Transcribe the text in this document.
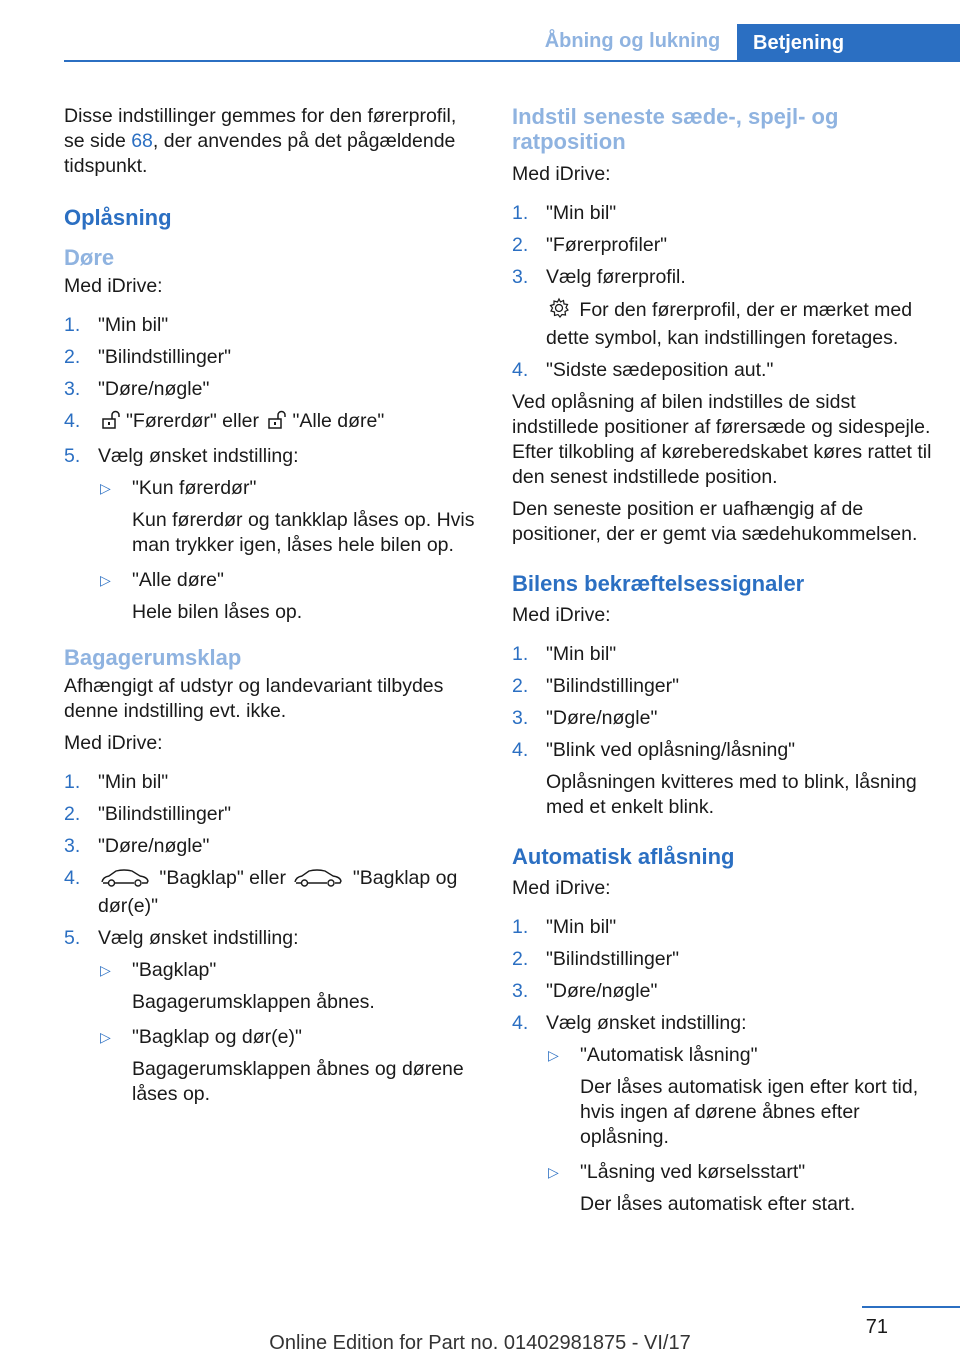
Åbning og lukning	Betjening

Disse indstillinger gemmes for den førerprofil, se side 68, der anvendes på det pågældende tidspunkt.

Oplåsning
Døre

Med iDrive:

1. "Min bil"
2. "Bilindstillinger"
3. "Døre/nøgle"
4. "Førerdør" eller "Alle døre"
5. Vælg ønsket indstilling:
▷ "Kun førerdør"
Kun førerdør og tankklap låses op. Hvis man trykker igen, låses hele bilen op.
▷ "Alle døre"
Hele bilen låses op.
Bagagerumsklap

Afhængigt af udstyr og landevariant tilbydes denne indstilling evt. ikke.

Med iDrive:

1. "Min bil"
2. "Bilindstillinger"
3. "Døre/nøgle"
4.	"Bagklap" eller	"Bagklap og dør(e)"
5. Vælg ønsket indstilling:
▷ "Bagklap"
Bagagerumsklappen åbnes.
▷ "Bagklap og dør(e)"
Bagagerumsklappen åbnes og dørene låses op.
Indstil seneste sæde-, spejl- og ratposition

Med iDrive:

1. "Min bil"
2. "Førerprofiler"
3. Vælg førerprofil.
For den førerprofil, der er mærket med dette symbol, kan indstillingen foretages.
4. "Sidste sædeposition aut."

Ved oplåsning af bilen indstilles de sidst indstillede positioner af førersæde og sidespejle. Efter tilkobling af køreberedskabet køres rattet til den senest indstillede position.

Den seneste position er uafhængig af de positioner, der er gemt via sædehukommelsen.

Bilens bekræftelsessignaler

Med iDrive:

1. "Min bil"
2. "Bilindstillinger"
3. "Døre/nøgle"
4. "Blink ved oplåsning/låsning"
Oplåsningen kvitteres med to blink, låsning med et enkelt blink.
Automatisk aflåsning

Med iDrive:

1. "Min bil"
2. "Bilindstillinger"
3. "Døre/nøgle"
4. Vælg ønsket indstilling:
▷ "Automatisk låsning"
Der låses automatisk igen efter kort tid, hvis ingen af dørene åbnes efter oplåsning.
▷ "Låsning ved kørselsstart"
Der låses automatisk efter start.
71
Online Edition for Part no. 01402981875 - VI/17
